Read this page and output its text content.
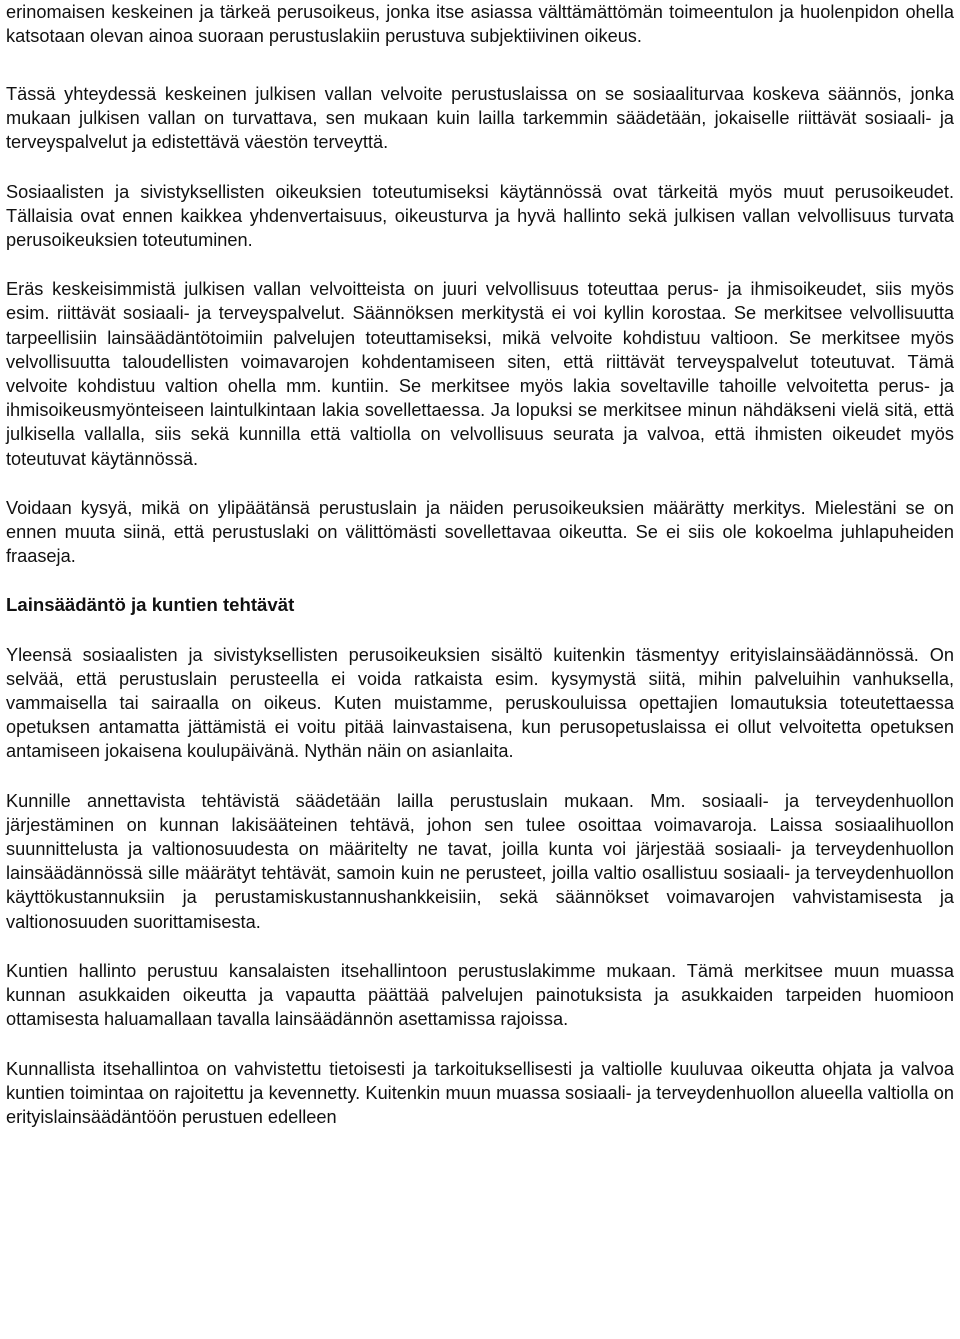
erinomaisen keskeinen ja tärkeä perusoikeus, jonka itse asiassa välttämättömän toimeentulon ja huolenpidon ohella katsotaan olevan ainoa suoraan perustuslakiin perustuva subjektiivinen oikeus.

Tässä yhteydessä keskeinen julkisen vallan velvoite perustuslaissa on se sosiaaliturvaa koskeva säännös, jonka mukaan julkisen vallan on turvattava, sen mukaan kuin lailla tarkemmin säädetään, jokaiselle riittävät sosiaali- ja terveyspalvelut ja edistettävä väestön terveyttä.

Sosiaalisten ja sivistyksellisten oikeuksien toteutumiseksi käytännössä ovat tärkeitä myös muut perusoikeudet. Tällaisia ovat ennen kaikkea yhdenvertaisuus, oikeusturva ja hyvä hallinto sekä julkisen vallan velvollisuus turvata perusoikeuksien toteutuminen.

Eräs keskeisimmistä julkisen vallan velvoitteista on juuri velvollisuus toteuttaa perus- ja ihmisoikeudet, siis myös esim. riittävät sosiaali- ja terveyspalvelut. Säännöksen merkitystä ei voi kyllin korostaa. Se merkitsee velvollisuutta tarpeellisiin lainsäädäntötoimiin palvelujen toteuttamiseksi, mikä velvoite kohdistuu valtioon. Se merkitsee myös velvollisuutta taloudellisten voimavarojen kohdentamiseen siten, että riittävät terveyspalvelut toteutuvat. Tämä velvoite kohdistuu valtion ohella mm. kuntiin. Se merkitsee myös lakia soveltaville tahoille velvoitetta perus- ja ihmisoikeusmyönteiseen laintulkintaan lakia sovellettaessa. Ja lopuksi se merkitsee minun nähdäkseni vielä sitä, että julkisella vallalla, siis sekä kunnilla että valtiolla on velvollisuus seurata ja valvoa, että ihmisten oikeudet myös toteutuvat käytännössä.

Voidaan kysyä, mikä on ylipäätänsä perustuslain ja näiden perusoikeuksien määrätty merkitys. Mielestäni se on ennen muuta siinä, että perustuslaki on välittömästi sovellettavaa oikeutta. Se ei siis ole kokoelma juhlapuheiden fraaseja.

Lainsäädäntö ja kuntien tehtävät

Yleensä sosiaalisten ja sivistyksellisten perusoikeuksien sisältö kuitenkin täsmentyy erityislainsäädännössä. On selvää, että perustuslain perusteella ei voida ratkaista esim. kysymystä siitä, mihin palveluihin vanhuksella, vammaisella tai sairaalla on oikeus. Kuten muistamme, peruskouluissa opettajien lomautuksia toteutettaessa opetuksen antamatta jättämistä ei voitu pitää lainvastaisena, kun perusopetuslaissa ei ollut velvoitetta opetuksen antamiseen jokaisena koulupäivänä. Nythän näin on asianlaita.

Kunnille annettavista tehtävistä säädetään lailla perustuslain mukaan. Mm. sosiaali- ja terveydenhuollon järjestäminen on kunnan lakisääteinen tehtävä, johon sen tulee osoittaa voimavaroja. Laissa sosiaalihuollon suunnittelusta ja valtionosuudesta on määritelty ne tavat, joilla kunta voi järjestää sosiaali- ja terveydenhuollon lainsäädännössä sille määrätyt tehtävät, samoin kuin ne perusteet, joilla valtio osallistuu sosiaali- ja terveydenhuollon käyttökustannuksiin ja perustamiskustannushankkeisiin, sekä säännökset voimavarojen vahvistamisesta ja valtionosuuden suorittamisesta.

Kuntien hallinto perustuu kansalaisten itsehallintoon perustuslakimme mukaan. Tämä merkitsee muun muassa kunnan asukkaiden oikeutta ja vapautta päättää palvelujen painotuksista ja asukkaiden tarpeiden huomioon ottamisesta haluamallaan tavalla lainsäädännön asettamissa rajoissa.

Kunnallista itsehallintoa on vahvistettu tietoisesti ja tarkoituksellisesti ja valtiolle kuuluvaa oikeutta ohjata ja valvoa kuntien toimintaa on rajoitettu ja kevennetty. Kuitenkin muun muassa sosiaali- ja terveydenhuollon alueella valtiolla on erityislainsäädäntöön perustuen edelleen
